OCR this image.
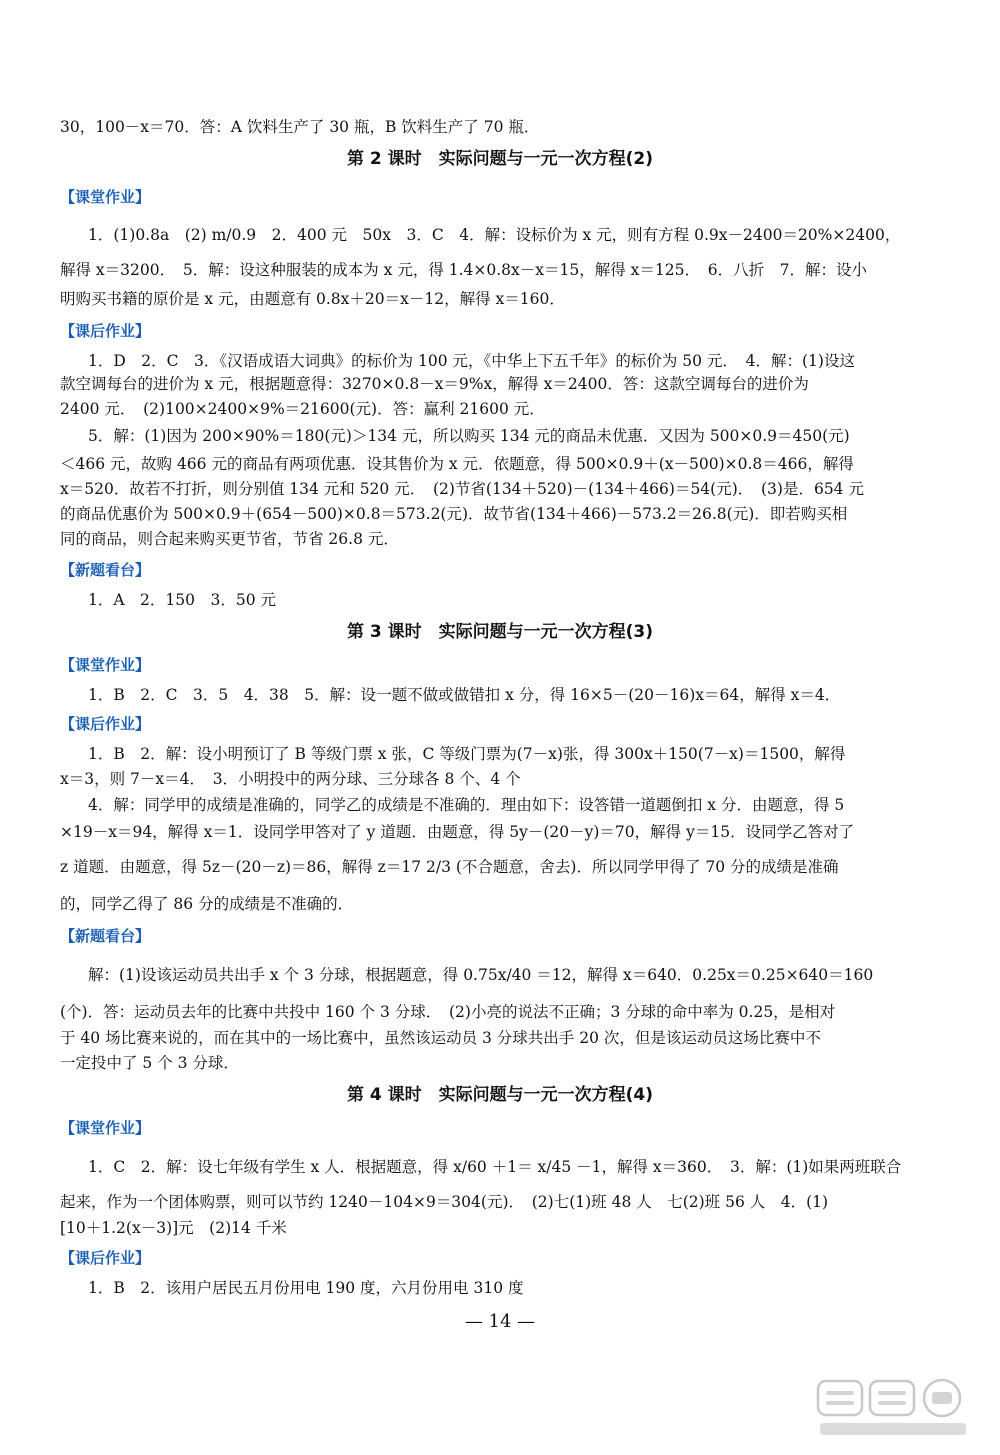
30，100－x＝70．答：A 饮料生产了 30 瓶，B 饮料生产了 70 瓶．
第 2 课时　实际问题与一元一次方程(2)
【课堂作业】
1．(1)0.8a　(2) m/0.9　2．400 元　50x　3．C　4．解：设标价为 x 元，则有方程 0.9x－2400＝20%×2400，
解得 x＝3200．　5．解：设这种服装的成本为 x 元，得 1.4×0.8x－x＝15，解得 x＝125．　6．八折　7．解：设小
明购买书籍的原价是 x 元，由题意有 0.8x＋20＝x－12，解得 x＝160．
【课后作业】
1．D　2．C　3．《汉语成语大词典》的标价为 100 元，《中华上下五千年》的标价为 50 元．　4．解：(1)设这
款空调每台的进价为 x 元，根据题意得：3270×0.8－x＝9%x，解得 x＝2400．答：这款空调每台的进价为
2400 元．　(2)100×2400×9%＝21600(元)．答：赢利 21600 元．
5．解：(1)因为 200×90%＝180(元)＞134 元，所以购买 134 元的商品未优惠．又因为 500×0.9＝450(元)
＜466 元，故购 466 元的商品有两项优惠．设其售价为 x 元．依题意，得 500×0.9＋(x－500)×0.8＝466，解得
x＝520．故若不打折，则分别值 134 元和 520 元．　(2)节省(134＋520)－(134＋466)＝54(元)．　(3)是．654 元
的商品优惠价为 500×0.9＋(654－500)×0.8＝573.2(元)．故节省(134＋466)－573.2＝26.8(元)．即若购买相
同的商品，则合起来购买更节省，节省 26.8 元．
【新题看台】
1．A　2．150　3．50 元
第 3 课时　实际问题与一元一次方程(3)
【课堂作业】
1．B　2．C　3．5　4．38　5．解：设一题不做或做错扣 x 分，得 16×5－(20－16)x＝64，解得 x＝4．
【课后作业】
1．B　2．解：设小明预订了 B 等级门票 x 张，C 等级门票为(7－x)张，得 300x＋150(7－x)＝1500，解得
x＝3，则 7－x＝4．　3．小明投中的两分球、三分球各 8 个、4 个
4．解：同学甲的成绩是准确的，同学乙的成绩是不准确的．理由如下：设答错一道题倒扣 x 分．由题意，得 5
×19－x＝94，解得 x＝1．设同学甲答对了 y 道题．由题意，得 5y－(20－y)＝70，解得 y＝15．设同学乙答对了
z 道题．由题意，得 5z－(20－z)＝86，解得 z＝17 2/3 (不合题意，舍去)．所以同学甲得了 70 分的成绩是准确
的，同学乙得了 86 分的成绩是不准确的．
【新题看台】
解：(1)设该运动员共出手 x 个 3 分球，根据题意，得 0.75x/40 ＝12，解得 x＝640．0.25x＝0.25×640＝160
(个)．答：运动员去年的比赛中共投中 160 个 3 分球．　(2)小亮的说法不正确；3 分球的命中率为 0.25，是相对
于 40 场比赛来说的，而在其中的一场比赛中，虽然该运动员 3 分球共出手 20 次，但是该运动员这场比赛中不
一定投中了 5 个 3 分球．
第 4 课时　实际问题与一元一次方程(4)
【课堂作业】
1．C　2．解：设七年级有学生 x 人．根据题意，得 x/60 ＋1＝ x/45 －1，解得 x＝360．　3．解：(1)如果两班联合
起来，作为一个团体购票，则可以节约 1240－104×9＝304(元)．　(2)七(1)班 48 人　七(2)班 56 人　4．(1)
[10＋1.2(x－3)]元　(2)14 千米
【课后作业】
1．B　2．该用户居民五月份用电 190 度，六月份用电 310 度
— 14 —
